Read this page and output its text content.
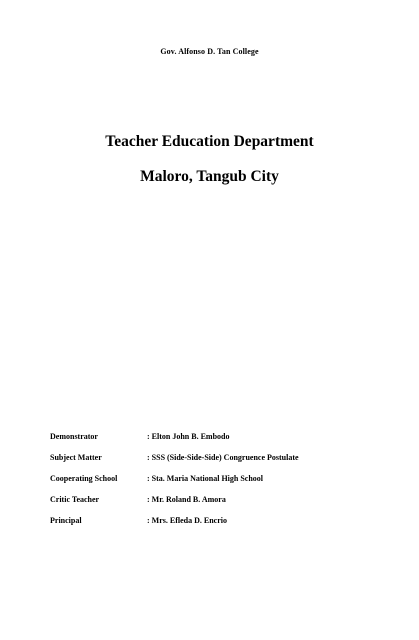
Gov. Alfonso D. Tan College
Teacher Education Department
Maloro, Tangub City
Demonstrator	: Elton John B. Embodo
Subject Matter	: SSS (Side-Side-Side) Congruence Postulate
Cooperating School	: Sta. Maria National High School
Critic Teacher	: Mr. Roland B. Amora
Principal	: Mrs. Efleda D. Encrio
